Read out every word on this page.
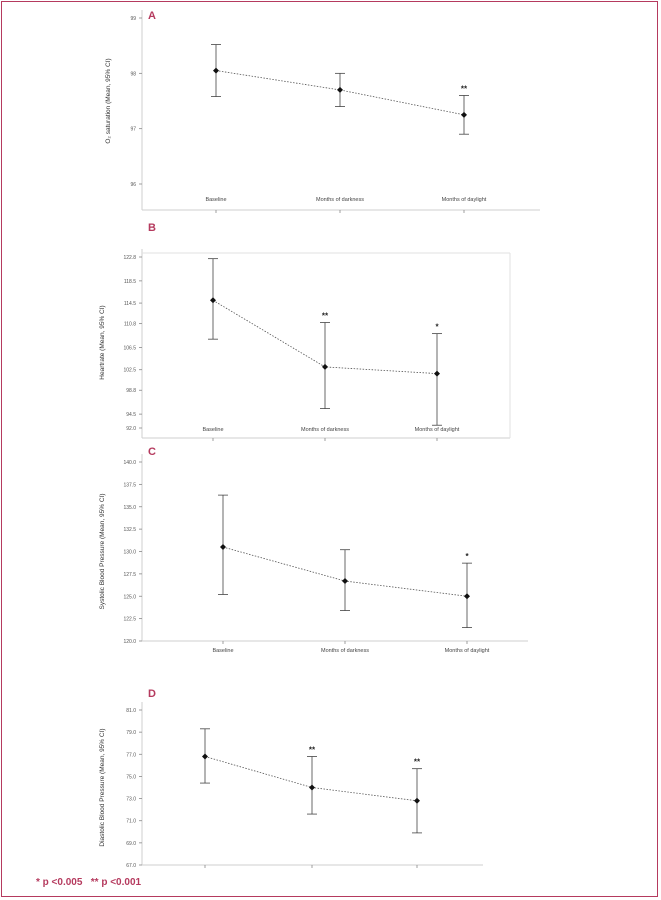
A
B
C
D
99
98
97
96
O₂ saturation (Mean, 95% CI)
Baseline	Months of darkness	Months of daylight
**
122.8
118.5
114.5
110.8
106.5
102.5
98.8
94.5
92.0
Heartrate (Mean, 95% CI)
Baseline	Months of darkness	Months of daylight
**
*
140.0
137.5
135.0
132.5
130.0
127.5
125.0
122.5
120.0
Systolic Blood Pressure (Mean, 95% CI)
Baseline	Months of darkness	Months of daylight
*
81.0
79.0
77.0
75.0
73.0
71.0
69.0
67.0
Diastolic Blood Pressure (Mean, 95% CI)	**
**
* p <0.005   ** p <0.001
